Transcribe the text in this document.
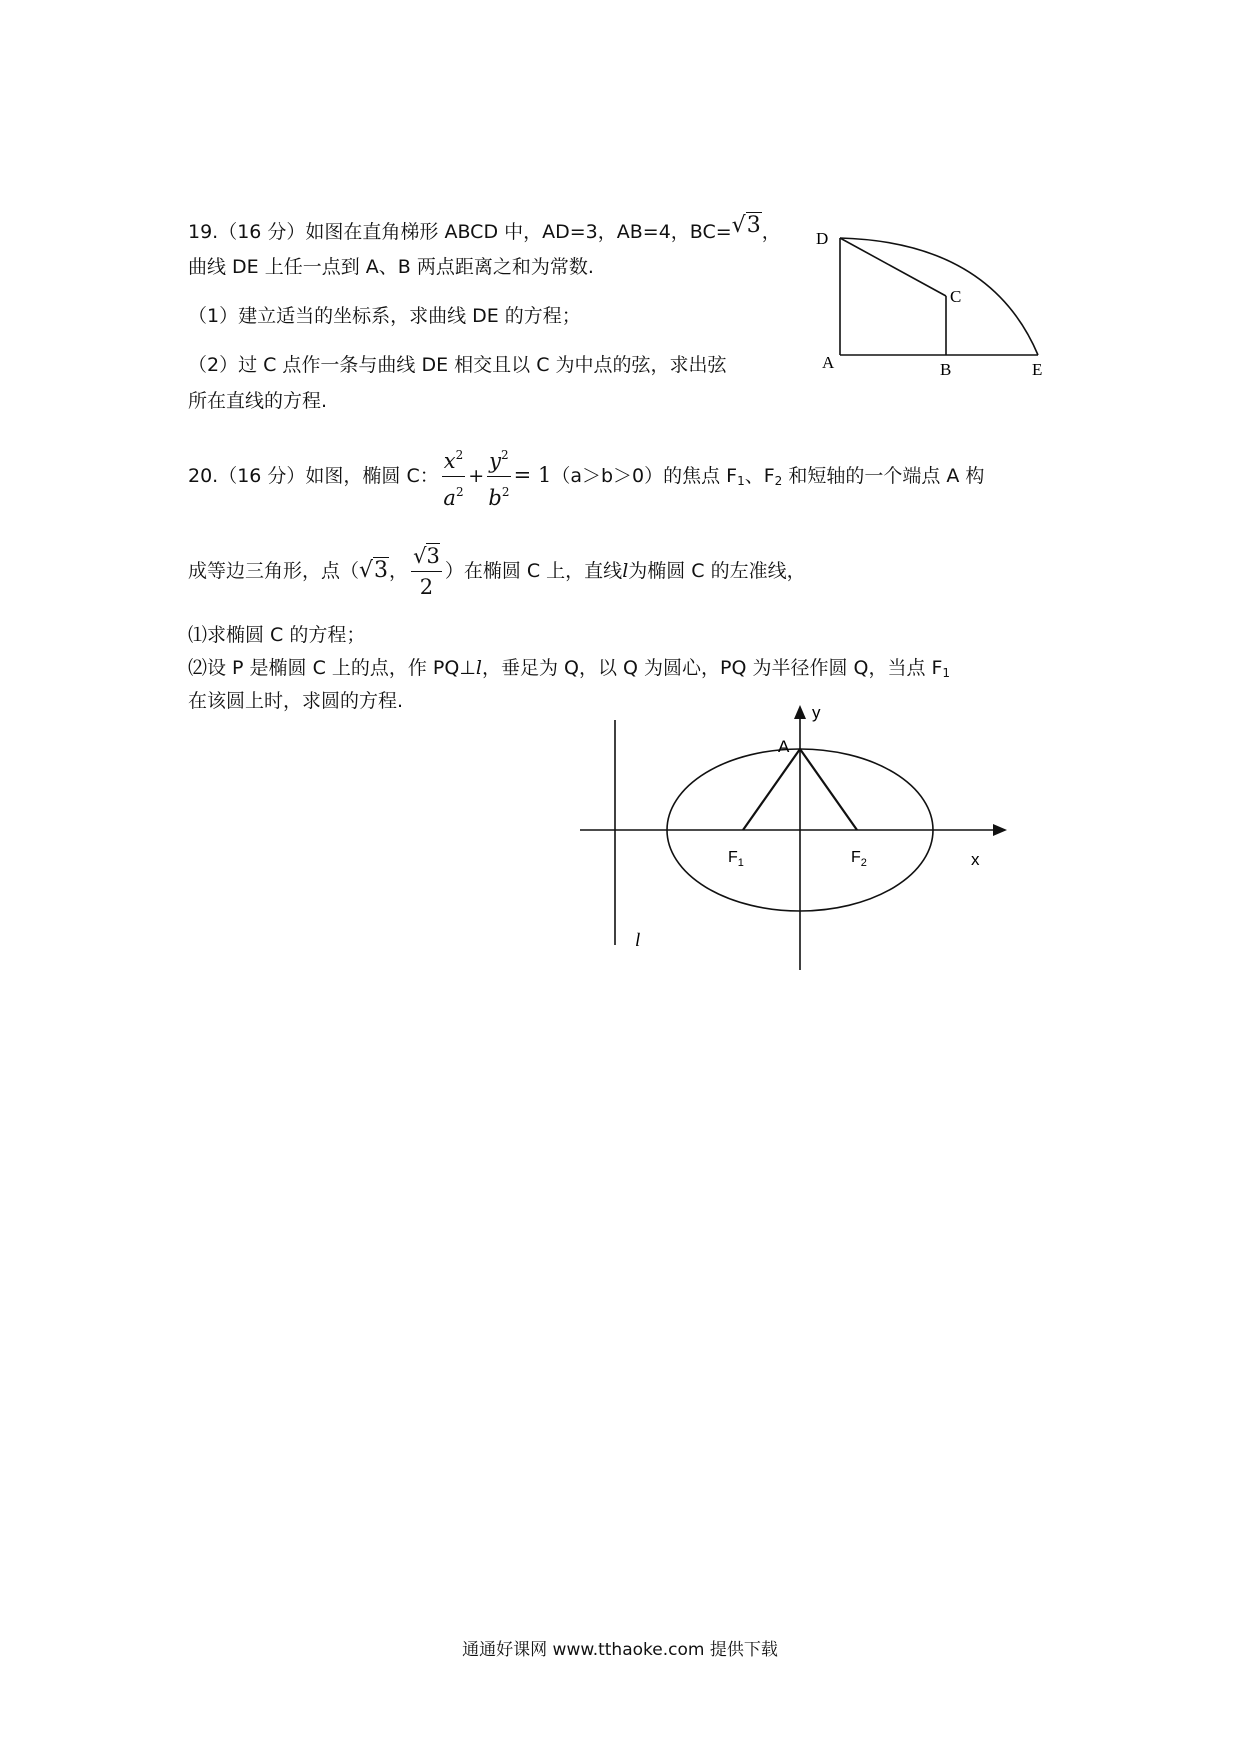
19.（16 分）如图在直角梯形 ABCD 中，AD=3，AB=4，BC=√3，
曲线 DE 上任一点到 A、B 两点距离之和为常数.
（1）建立适当的坐标系，求曲线 DE 的方程；
（2）过 C 点作一条与曲线 DE 相交且以 C 为中点的弦，求出弦
所在直线的方程.
D
C
A	B	E
20.（16 分）如图，椭圆 C： $\frac{x^2}{a^2} + \frac{y^2}{b^2} = 1(a>b>0)$的焦点 $F_1$、$F_2$ 和短轴的一个端点 A 构
成等边三角形，点（√3， $\frac{√3}{2}$ ）在椭圆 C 上，直线l为椭圆 C 的左准线，
⑴求椭圆 C 的方程；
⑵设 P 是椭圆 C 上的点，作 PQ⊥l，垂足为 Q，以 Q 为圆心，PQ 为半径作圆 Q，当点 $F_1$
在该圆上时，求圆的方程.
y
A
$F_1$	$F_2$	x
l
通通好课网 www.tthaoke.com 提供下载
